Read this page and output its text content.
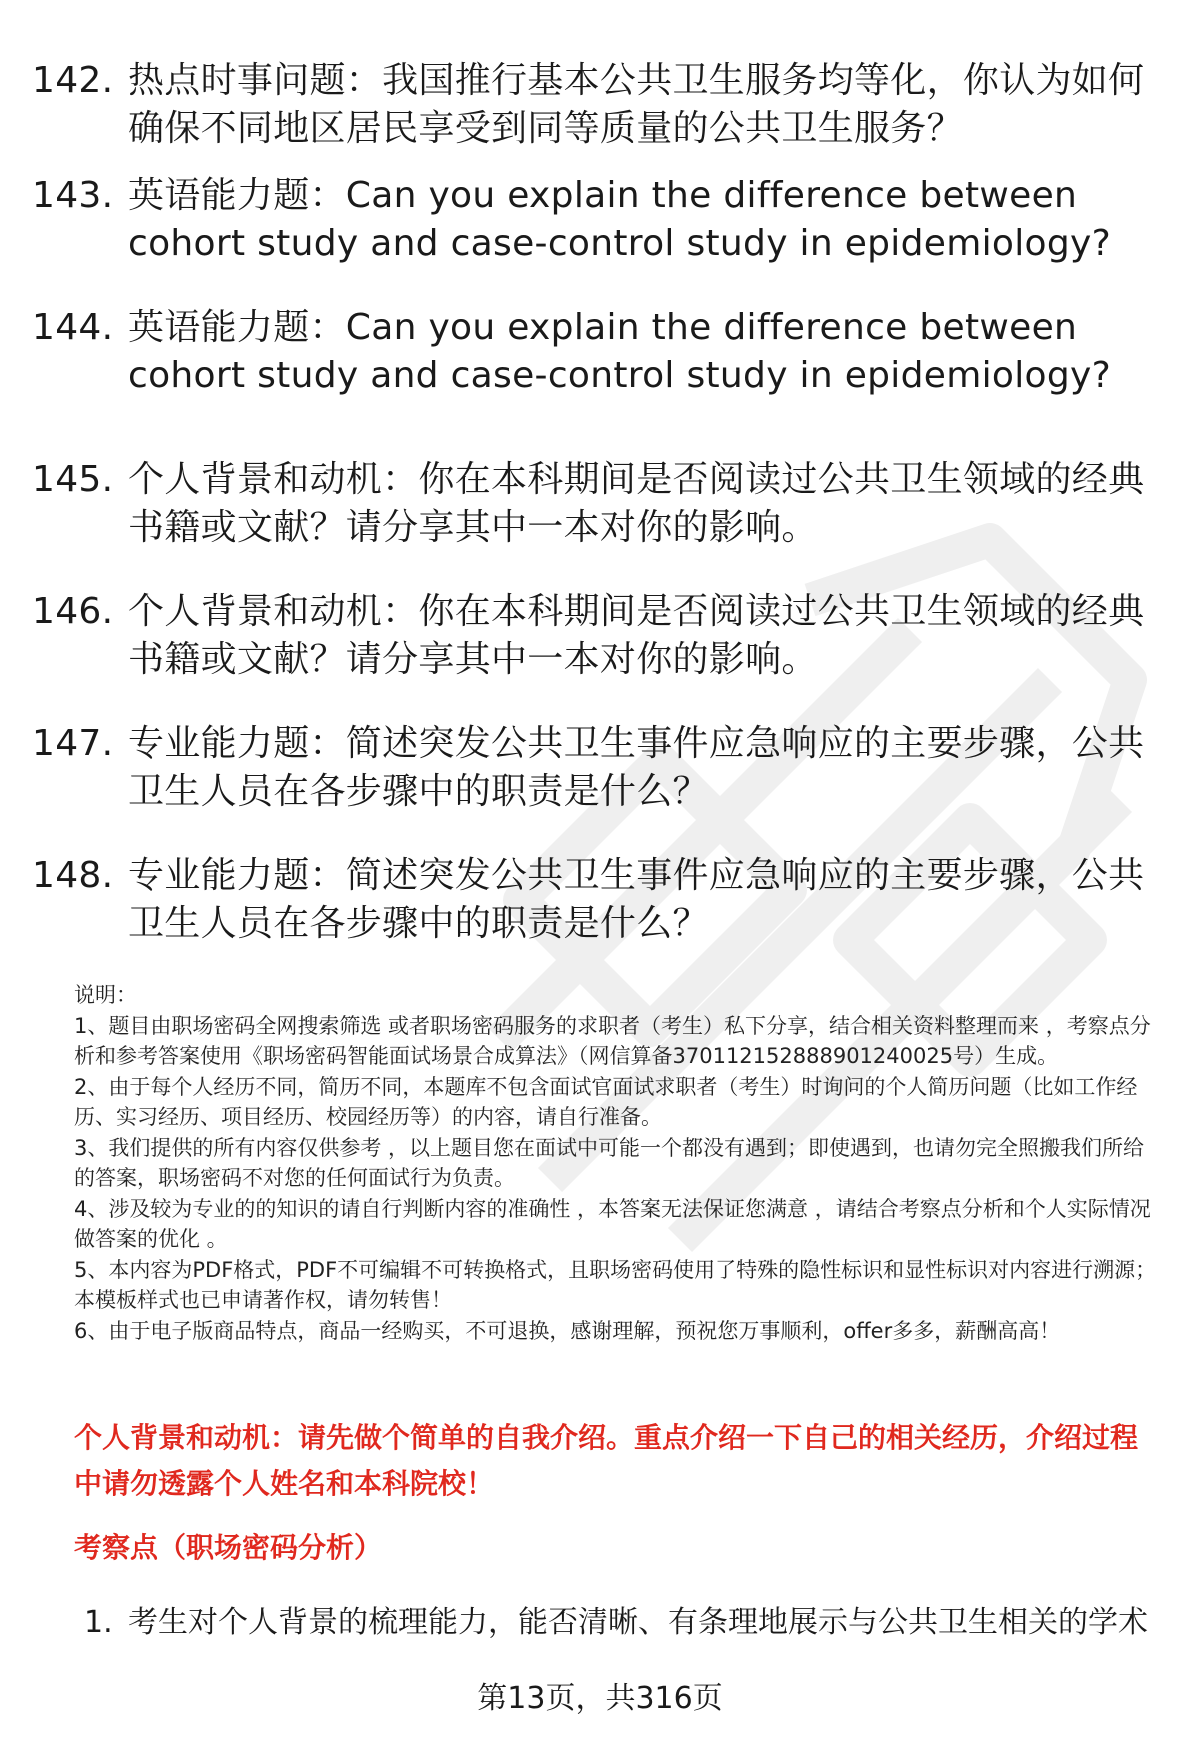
142. 热点时事问题：我国推行基本公共卫生服务均等化，你认为如何确保不同地区居民享受到同等质量的公共卫生服务？
143. 英语能力题：Can you explain the difference between cohort study and case-control study in epidemiology?
144. 英语能力题：Can you explain the difference between cohort study and case-control study in epidemiology?
145. 个人背景和动机：你在本科期间是否阅读过公共卫生领域的经典书籍或文献？请分享其中一本对你的影响。
146. 个人背景和动机：你在本科期间是否阅读过公共卫生领域的经典书籍或文献？请分享其中一本对你的影响。
147. 专业能力题：简述突发公共卫生事件应急响应的主要步骤，公共卫生人员在各步骤中的职责是什么？
148. 专业能力题：简述突发公共卫生事件应急响应的主要步骤，公共卫生人员在各步骤中的职责是什么？

说明：

1、题目由职场密码全网搜索筛选 或者职场密码服务的求职者（考生）私下分享，结合相关资料整理而来 ，考察点分析和参考答案使用《职场密码智能面试场景合成算法》（网信算备370112152888901240025号）生成。

2、由于每个人经历不同，简历不同，本题库不包含面试官面试求职者（考生）时询问的个人简历问题（比如工作经历、实习经历、项目经历、校园经历等）的内容，请自行准备。

3、我们提供的所有内容仅供参考 ，以上题目您在面试中可能一个都没有遇到；即使遇到，也请勿完全照搬我们所给的答案，职场密码不对您的任何面试行为负责。

4、涉及较为专业的的知识的请自行判断内容的准确性 ，本答案无法保证您满意 ，请结合考察点分析和个人实际情况做答案的优化 。

5、本内容为PDF格式，PDF不可编辑不可转换格式，且职场密码使用了特殊的隐性标识和显性标识对内容进行溯源；本模板样式也已申请著作权，请勿转售！

6、由于电子版商品特点，商品一经购买，不可退换，感谢理解，预祝您万事顺利，offer多多，薪酬高高！

个人背景和动机：请先做个简单的自我介绍。重点介绍一下自己的相关经历，介绍过程中请勿透露个人姓名和本科院校！
考察点（职场密码分析）
1. 考生对个人背景的梳理能力，能否清晰、有条理地展示与公共卫生相关的学术
第13页，共316页
